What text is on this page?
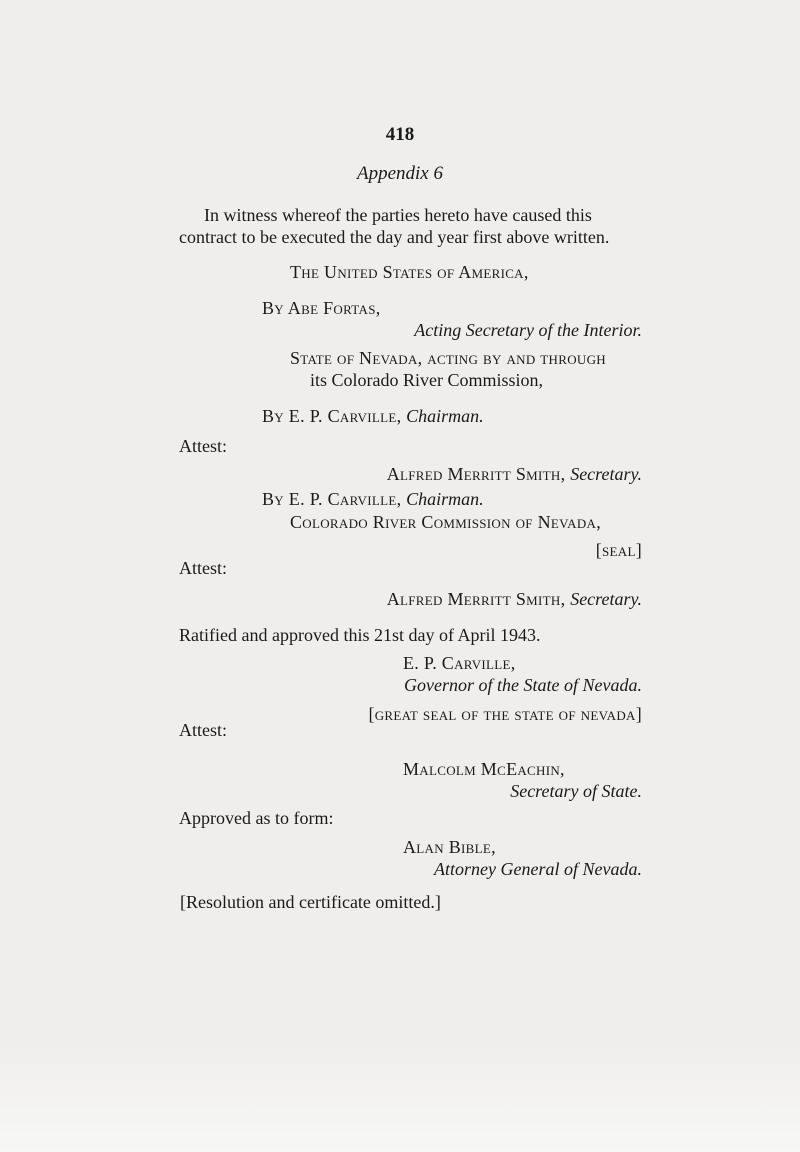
418
Appendix 6
In witness whereof the parties hereto have caused this
contract to be executed the day and year first above written.
The United States of America,
By Abe Fortas,
Acting Secretary of the Interior.
State of Nevada, acting by and through
its Colorado River Commission,
By E. P. Carville, Chairman.
Attest:
Alfred Merritt Smith, Secretary.
By E. P. Carville, Chairman.
Colorado River Commission of Nevada,
[seal]
Attest:
Alfred Merritt Smith, Secretary.
Ratified and approved this 21st day of April 1943.
E. P. Carville,
Governor of the State of Nevada.
[great seal of the state of nevada]
Attest:
Malcolm McEachin,
Secretary of State.
Approved as to form:
Alan Bible,
Attorney General of Nevada.
[Resolution and certificate omitted.]
